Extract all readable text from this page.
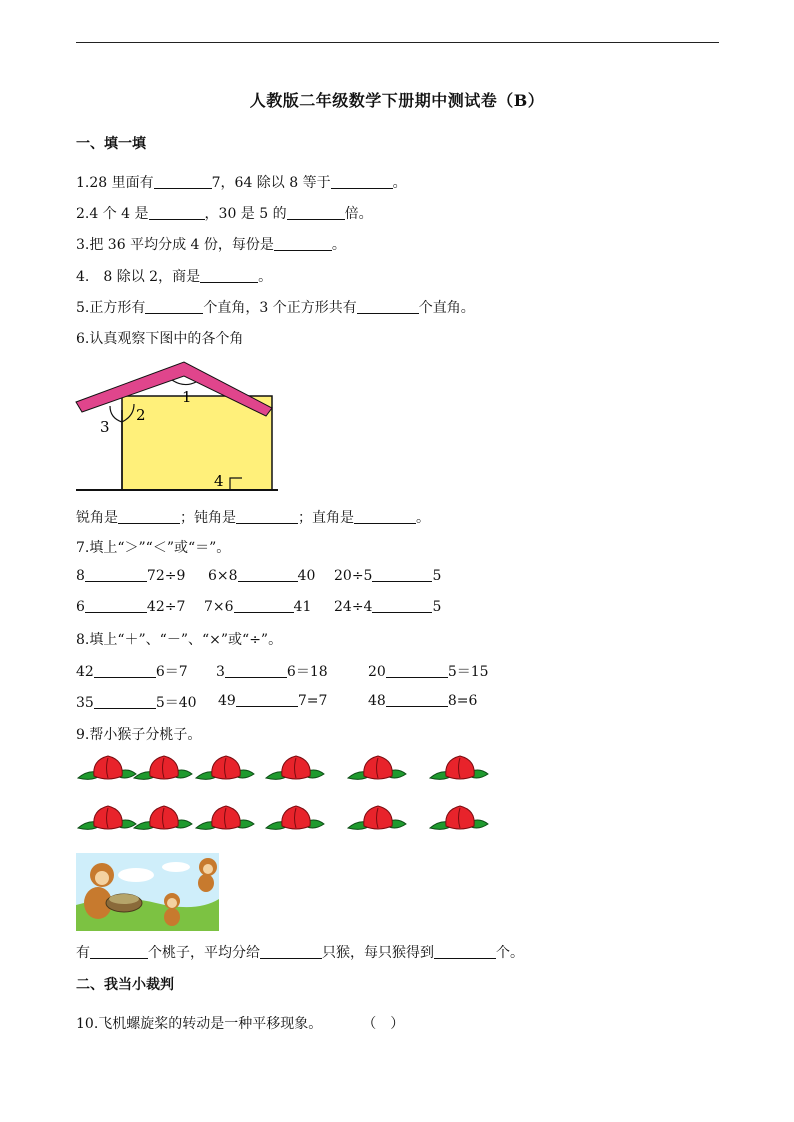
人教版二年级数学下册期中测试卷（B）
一、填一填
1.28 里面有	7，64 除以 8 等于	。
2.4 个 4 是	，30 是 5 的	倍。
3.把 36 平均分成 4 份，每份是	。
4.　8 除以 2，商是	。
5.正方形有	个直角，3 个正方形共有	个直角。
6.认真观察下图中的各个角
1
2
3
4
锐角是	；钝角是	；直角是	。
7.填上“＞”“＜”或“＝”。
8	72÷9 6×8	40 20÷5	5
6	42÷7 7×6	41 24÷4	5
8.填上“＋”、“－”、“×”或“÷”。
42	6＝7 3	6＝18	20	5＝15
35	5＝40 49	7=7	48	8=6
9.帮小猴子分桃子。
有	个桃子，平均分给	只猴，每只猴得到	个。
二、我当小裁判
10.飞机螺旋桨的转动是一种平移现象。	（　）
